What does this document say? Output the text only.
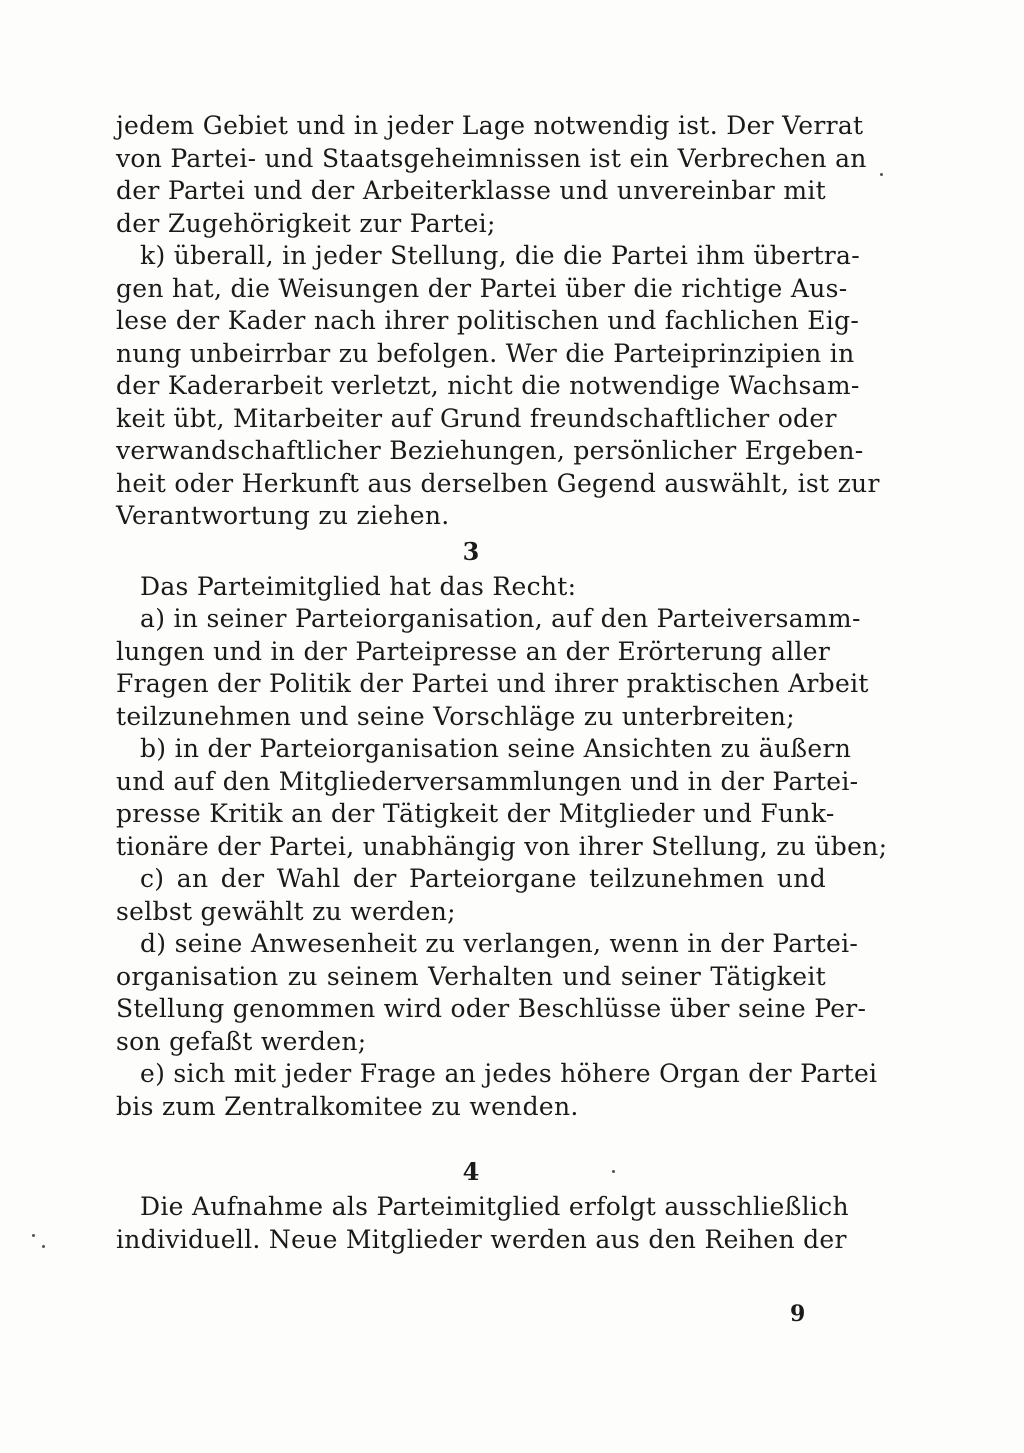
jedem Gebiet und in jeder Lage notwendig ist. Der Verrat
von Partei- und Staatsgeheimnissen ist ein Verbrechen an
der Partei und der Arbeiterklasse und unvereinbar mit
der Zugehörigkeit zur Partei;
k) überall, in jeder Stellung, die die Partei ihm übertra-
gen hat, die Weisungen der Partei über die richtige Aus-
lese der Kader nach ihrer politischen und fachlichen Eig-
nung unbeirrbar zu befolgen. Wer die Parteiprinzipien in
der Kaderarbeit verletzt, nicht die notwendige Wachsam-
keit übt, Mitarbeiter auf Grund freundschaftlicher oder
verwandschaftlicher Beziehungen, persönlicher Ergeben-
heit oder Herkunft aus derselben Gegend auswählt, ist zur
Verantwortung zu ziehen.
3
Das Parteimitglied hat das Recht:
a) in seiner Parteiorganisation, auf den Parteiversamm-
lungen und in der Parteipresse an der Erörterung aller
Fragen der Politik der Partei und ihrer praktischen Arbeit
teilzunehmen und seine Vorschläge zu unterbreiten;
b) in der Parteiorganisation seine Ansichten zu äußern
und auf den Mitgliederversammlungen und in der Partei-
presse Kritik an der Tätigkeit der Mitglieder und Funk-
tionäre der Partei, unabhängig von ihrer Stellung, zu üben;
c) an der Wahl der Parteiorgane teilzunehmen und
selbst gewählt zu werden;
d) seine Anwesenheit zu verlangen, wenn in der Partei-
organisation zu seinem Verhalten und seiner Tätigkeit
Stellung genommen wird oder Beschlüsse über seine Per-
son gefaßt werden;
e) sich mit jeder Frage an jedes höhere Organ der Partei
bis zum Zentralkomitee zu wenden.
4
Die Aufnahme als Parteimitglied erfolgt ausschließlich
individuell. Neue Mitglieder werden aus den Reihen der
9
